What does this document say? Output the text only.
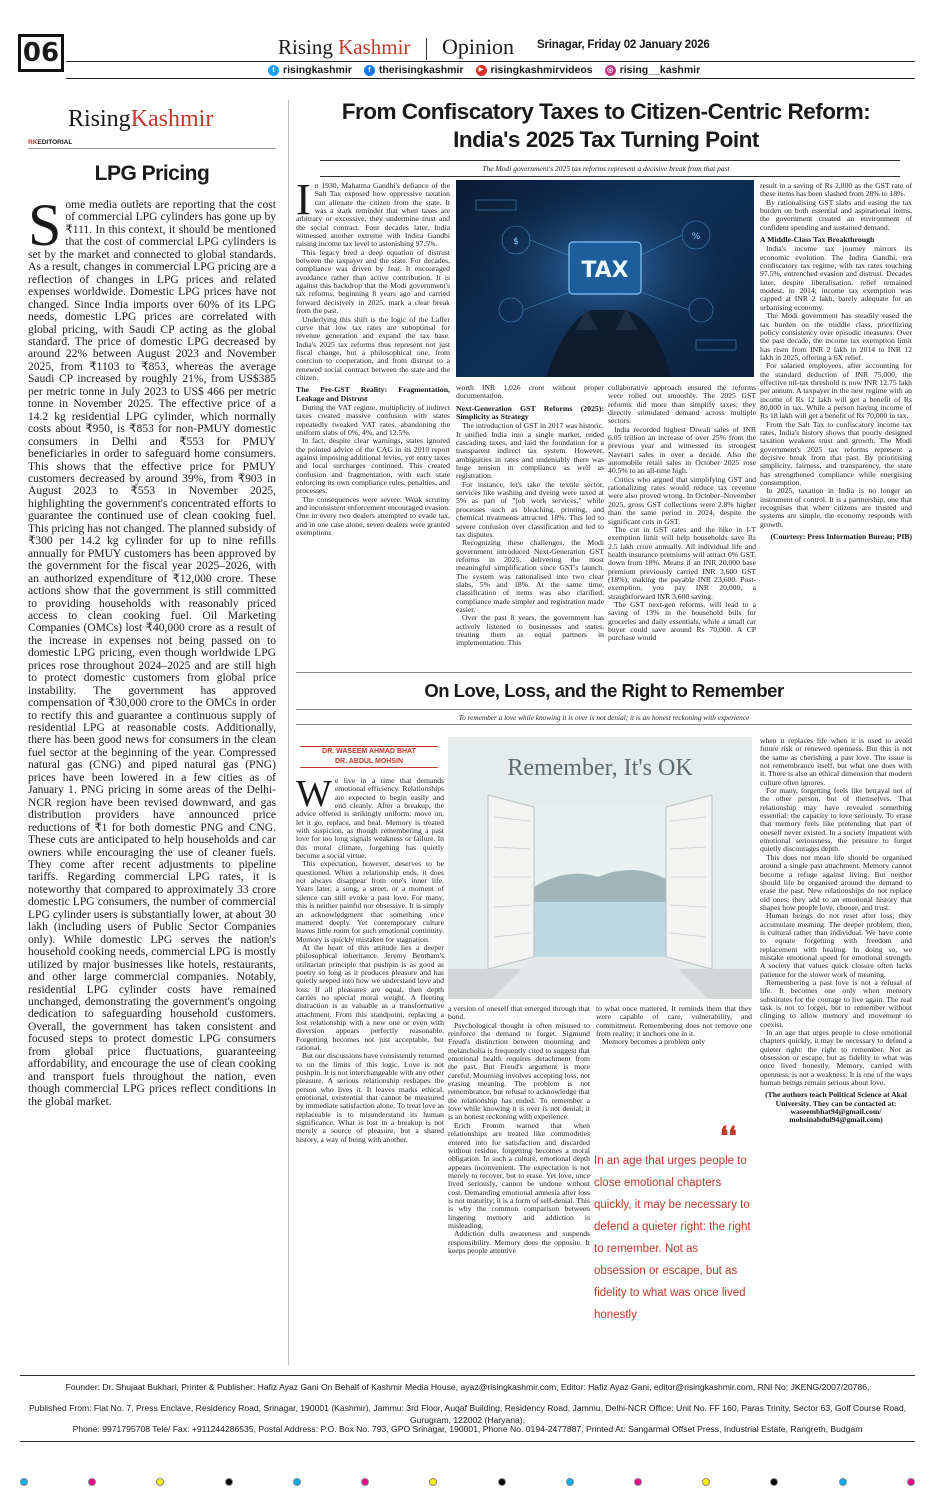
06	Rising Kashmir Opinion Srinagar, Friday 02 January 2026
t risingkashmir	f therisingkashmir	▶ risingkashmirvideos	◎ rising__kashmir
RisingKashmir
RKEDITORIAL
LPG Pricing
Some media outlets are reporting that the cost of commercial LPG cylinders has gone up by ₹111. In this context, it should be mentioned that the cost of commercial LPG cylinders is set by the market and connected to global standards. As a result, changes in commercial LPG pricing are a reflection of changes in LPG prices and related expenses worldwide. Domestic LPG prices have not changed. Since India imports over 60% of its LPG needs, domestic LPG prices are correlated with global pricing, with Saudi CP acting as the global standard. The price of domestic LPG decreased by around 22% between August 2023 and November 2025, from ₹1103 to ₹853, whereas the average Saudi CP increased by roughly 21%, from US$385 per metric tonne in July 2023 to US$ 466 per metric tonne in November 2025. The effective price of a 14.2 kg residential LPG cylinder, which normally costs about ₹950, is ₹853 for non-PMUY domestic consumers in Delhi and ₹553 for PMUY beneficiaries in order to safeguard home consumers. This shows that the effective price for PMUY customers decreased by around 39%, from ₹903 in August 2023 to ₹553 in November 2025, highlighting the government's concentrated efforts to guarantee the continued use of clean cooking fuel. This pricing has not changed. The planned subsidy of ₹300 per 14.2 kg cylinder for up to nine refills annually for PMUY customers has been approved by the government for the fiscal year 2025–2026, with an authorized expenditure of ₹12,000 crore. These actions show that the government is still committed to providing households with reasonably priced access to clean cooking fuel. Oil Marketing Companies (OMCs) lost ₹40,000 crore as a result of the increase in expenses not being passed on to domestic LPG pricing, even though worldwide LPG prices rose throughout 2024–2025 and are still high to protect domestic customers from global price instability. The government has approved compensation of ₹30,000 crore to the OMCs in order to rectify this and guarantee a continuous supply of residential LPG at reasonable costs. Additionally, there has been good news for consumers in the clean fuel sector at the beginning of the year. Compressed natural gas (CNG) and piped natural gas (PNG) prices have been lowered in a few cities as of January 1. PNG pricing in some areas of the Delhi-NCR region have been revised downward, and gas distribution providers have announced price reductions of ₹1 for both domestic PNG and CNG. These cuts are anticipated to help households and car owners while encouraging the use of cleaner fuels. They come after recent adjustments to pipeline tariffs. Regarding commercial LPG rates, it is noteworthy that compared to approximately 33 crore domestic LPG consumers, the number of commercial LPG cylinder users is substantially lower, at about 30 lakh (including users of Public Sector Companies only). While domestic LPG serves the nation's household cooking needs, commercial LPG is mostly utilized by major businesses like hotels, restaurants, and other large commercial companies. Notably, residential LPG cylinder costs have remained unchanged, demonstrating the government's ongoing dedication to safeguarding household customers. Overall, the government has taken consistent and focused steps to protect domestic LPG consumers from global price fluctuations, guaranteeing affordability, and encourage the use of clean cooking and transport fuels throughout the nation, even though commercial LPG prices reflect conditions in the global market.
From Confiscatory Taxes to Citizen-Centric Reform:
India's 2025 Tax Turning Point
The Modi government's 2025 tax reforms represent a decisive break from that past

In 1930, Mahatma Gandhi's defiance of the Salt Tax exposed how oppressive taxation can alienate the citizen from the state. It was a stark reminder that when taxes are arbitrary or excessive, they undermine trust and the social contract. Four decades later, India witnessed another extreme with Indira Gandhi raising income tax level to astonishing 97.5%.

This legacy bred a deep equation of distrust between the taxpayer and the state. For decades, compliance was driven by fear. It encouraged avoidance rather than active contribution. It is against this backdrop that the Modi government's tax reforms, beginning 8 years ago and carried forward decisively in 2025, mark a clear break from the past.

Underlying this shift is the logic of the Laffer curve that low tax rates are suboptimal for revenue generation and expand the tax base. India's 2025 tax reforms thus represent not just fiscal change, but a philosophical one, from coercion to cooperation, and from distrust to a renewed social contract between the state and the citizen.

The Pre-GST Reality: Fragmentation, Leakage and Distrust

During the VAT regime, multiplicity of indirect taxes created massive confusion with states repeatedly tweaked VAT rates, abandoning the uniform slabs of 0%, 4%, and 12.5%.

In fact, despite clear warnings, states ignored the pointed advice of the CAG in its 2010 report against imposing additional levies, yet entry taxes and local surcharges continued. This created confusion and fragmentation, with each state enforcing its own compliance rules, penalties, and processes.

The consequences were severe. Weak scrutiny and inconsistent enforcement encouraged evasion. One in every two dealers attempted to evade tax, and in one case alone, seven dealers were granted exemptions

$	%
TAX

worth INR 1,026 crore without proper documentation.

Next-Generation GST Reforms (2025): Simplicity as Strategy

The introduction of GST in 2017 was historic. It unified India into a single market, ended cascading taxes, and laid the foundation for a transparent indirect tax system. However, ambiguities in rates and undeniably there was huge tension in compliance as well as registration.

For instance, let's take the textile sector, services like washing and dyeing were taxed at 5% as part of "job work services," while processes such as bleaching, printing, and chemical treatments attracted 18%. This led to severe confusion over classification and led to tax disputes.

Recognizing these challenges, the Modi government introduced Next-Generation GST reforms in 2025, delivering the most meaningful simplification since GST's launch. The system was rationalised into two clear slabs, 5% and 18%. At the same time, classification of items was also clarified, compliance made simpler and registration made easier.

Over the past 8 years, the government has actively listened to businesses and states, treating them as equal partners in implementation. This

collaborative approach ensured the reforms were rolled out smoothly. The 2025 GST reforms did more than simplify taxes; they directly stimulated demand across multiple sectors.

India recorded highest Diwali sales of INR 6.05 trillion an increase of over 25% from the previous year and witnessed its strongest Navratri sales in over a decade. Also the automobile retail sales in October 2025 rose 40.5% to an all-time high.

Critics who argued that simplifying GST and rationalizing rates would reduce tax revenue were also proved wrong. In October–November 2025, gross GST collections were 2.8% higher than the same period in 2024, despite the significant cuts in GST.

The cut in GST rates and the hike in I-T exemption limit will help households save Rs 2.5 lakh crore annually. All individual life and health insurance premiums will attract 0% GST, down from 18%. Means if an INR 20,000 base premium previously carried INR 3,600 GST (18%), making the payable INR 23,600. Post-exemption, you pay INR 20,000, a straightforward INR 3,600 saving.

The GST next-gen reforms, will lead to a saving of 13% in the household bills for groceries and daily essentials, while a small car buyer could save around Rs 70,000. A CP purchase would

result in a saving of Rs 2,800 as the GST rate of these items has been slashed from 28% to 18%.

By rationalising GST slabs and easing the tax burden on both essential and aspirational items, the government created an environment of confident spending and sustained demand.

A Middle-Class Tax Breakthrough

India's income tax journey mirrors its economic evolution. The Indira Gandhi, era confiscatory tax regime, with tax rates touching 97.5%, entrenched evasion and distrust. Decades later, despite liberalisation, relief remained modest, in 2014; income tax exemption was capped at INR 2 lakh, barely adequate for an urbanising economy.

The Modi government has steadily eased the tax burden on the middle class, prioritizing policy consistency over episodic measures. Over the past decade, the income tax exemption limit has risen from INR 2 lakh in 2014 to INR 12 lakh in 2025, offering a 6X relief.

For salaried employees, after accounting for the standard deduction of INR 75,000, the effective nil-tax threshold is now INR 12.75 lakh per annum. A taxpayer in the new regime with an income of Rs 12 lakh will get a benefit of Rs 80,000 in tax. While a person having income of Rs 18 lakh will get a benefit of Rs 70,000 in tax.

From the Salt Tax to confiscatory income tax rates, India's history shows that poorly designed taxation weakens trust and growth. The Modi government's 2025 tax reforms represent a decisive break from that past. By prioritising simplicity, fairness, and transparency, the state has strengthened compliance while energising consumption.

In 2025, taxation in India is no longer an instrument of control. It is a partnership, one that recognises that when citizens are trusted and systems are simple, the economy responds with growth.

(Courtesy: Press Information Bureau; PIB)

On Love, Loss, and the Right to Remember
To remember a love while knowing it is over is not denial; it is an honest reckoning with experience
DR. WASEEM AHMAD BHAT
DR. ABDUL MOHSIN

We live in a time that demands emotional efficiency. Relationships are expected to begin easily and end cleanly. After a breakup, the advice offered is strikingly uniform: move on, let it go, replace, and heal. Memory is treated with suspicion, as though remembering a past love for too long signals weakness or failure. In this moral climate, forgetting has quietly become a social virtue.

This expectation, however, deserves to be questioned. When a relationship ends, it does not always disappear from one's inner life. Years later, a song, a street, or a moment of silence can still evoke a past love. For many, this is neither painful nor obsessive. It is simply an acknowledgment that something once mattered deeply. Yet contemporary culture leaves little room for such emotional continuity. Memory is quickly mistaken for stagnation.

At the heart of this attitude lies a deeper philosophical inheritance. Jeremy Bentham's utilitarian principle that pushpin is as good as poetry so long as it produces pleasure and has quietly seeped into how we understand love and loss. If all pleasures are equal, then depth carries no special moral weight. A fleeting distraction is as valuable as a transformative attachment. From this standpoint, replacing a lost relationship with a new one or even with diversion appears perfectly reasonable. Forgetting becomes not just acceptable, but rational.

But our discussions have consistently returned to on the limits of this logic. Love is not pushpin. It is not interchangeable with any other pleasure. A serious relationship reshapes the person who lives it. It leaves marks ethical, emotional, existential that cannot be measured by immediate satisfaction alone. To treat love as replaceable is to misunderstand its human significance. What is lost in a breakup is not merely a source of pleasure, but a shared history, a way of being with another,

Remember, It's OK

a version of oneself that emerged through that bond.

Psychological thought is often misused to reinforce the demand to forget. Sigmund Freud's distinction between mourning and melancholia is frequently cited to suggest that emotional health requires detachment from the past. But Freud's argument is more careful. Mourning involves accepting loss, not erasing meaning. The problem is not remembrance, but refusal to acknowledge that the relationship has ended. To remember a love while knowing it is over is not denial; it is an honest reckoning with experience.

Erich Fromm warned that when relationships are treated like commodities entered into for satisfaction and discarded without residue, forgetting becomes a moral obligation. In such a culture, emotional depth appears inconvenient. The expectation is not merely to recover, but to erase. Yet love, once lived seriously, cannot be undone without cost. Demanding emotional amnesia after loss is not maturity; it is a form of self-denial. This is why the common comparison between lingering memory and addiction is misleading.

Addiction dulls awareness and suspends responsibility. Memory does the opposite. It keeps people attentive

to what once mattered. It reminds them that they were capable of care, vulnerability, and commitment. Remembering does not remove one from reality; it anchors one in it.

Memory becomes a problem only

❛❛
In an age that urges people to close emotional chapters quickly, it may be necessary to defend a quieter right: the right to remember. Not as obsession or escape, but as fidelity to what was once lived honestly

when it replaces life when it is used to avoid future risk or renewed openness. But this is not the same as cherishing a past love. The issue is not remembrance itself, but what one does with it. There is also an ethical dimension that modern culture often ignores.

For many, forgetting feels like betrayal not of the other person, but of themselves. That relationship may have revealed something essential: the capacity to love seriously. To erase that memory feels like pretending that part of oneself never existed. In a society impatient with emotional seriousness, the pressure to forget quietly discourages depth.

This does not mean life should be organised around a single past attachment. Memory cannot become a refuge against living. But neither should life be organised around the demand to erase the past. New relationships do not replace old ones; they add to an emotional history that shapes how people love, choose, and trust.

Human beings do not reset after loss; they accumulate meaning. The deeper problem, then, is cultural rather than individual. We have come to equate forgetting with freedom and replacement with healing. In doing so, we mistake emotional speed for emotional strength. A society that values quick closure often lacks patience for the slower work of meaning.

Remembering a past love is not a refusal of life. It becomes one only when memory substitutes for the courage to live again. The real task is not to forget, but to remember without clinging to allow memory and movement to coexist.

In an age that urges people to close emotional chapters quickly, it may be necessary to defend a quieter right: the right to remember. Not as obsession or escape, but as fidelity to what was once lived honestly. Memory, carried with openness, is not a weakness. It is one of the ways human beings remain serious about love.

(The authors teach Political Science at Akal University. They can be contacted at: waseembhat94@gmail.com/ mohsinabdul94@gmail.com)

Founder: Dr. Shujaat Bukhari, Printer & Publisher: Hafiz Ayaz Gani On Behalf of Kashmir Media House, ayaz@risingkashmir.com, Editor: Hafiz Ayaz Gani, editor@risingkashmir.com, RNI No: JKENG/2007/20786,
Published From: Flat No. 7, Press Enclave, Residency Road, Srinagar, 190001 (Kashmir), Jammu: 3rd Floor, Auqaf Building, Residency Road, Jammu, Delhi-NCR Office: Unit No. FF 160, Paras Trinity, Sector 63, Golf Course Road, Gurugram, 122002 (Haryana),
Phone: 9971795708 Tele/ Fax: +911244286535, Postal Address: P.O. Box No. 793, GPO Srinagar, 190001, Phone No. 0194-2477887, Printed At: Sangarmal Offset Press, Industrial Estate, Rangreth, Budgam
